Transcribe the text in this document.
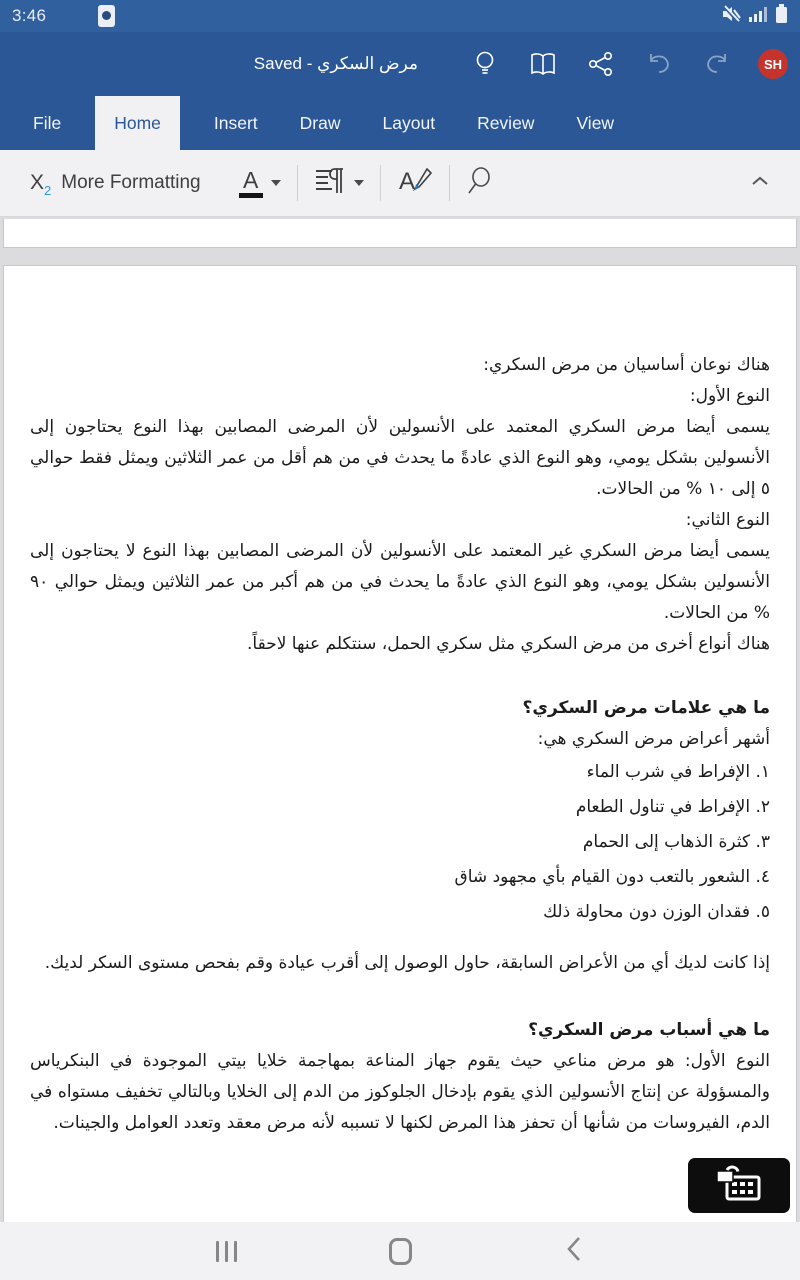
3:46
مرض السكري - Saved	SH
File	Home	Insert	Draw	Layout	Review	View
X 2 More Formatting A	A

هناك نوعان أساسيان من مرض السكري:

النوع الأول:

يسمى أيضا مرض السكري المعتمد على الأنسولين لأن المرضى المصابين بهذا النوع يحتاجون إلى الأنسولين بشكل يومي، وهو النوع الذي عادةً ما يحدث في من هم أقل من عمر الثلاثين ويمثل فقط حوالي ٥ إلى ١٠ % من الحالات.

النوع الثاني:

يسمى أيضا مرض السكري غير المعتمد على الأنسولين لأن المرضى المصابين بهذا النوع لا يحتاجون إلى الأنسولين بشكل يومي، وهو النوع الذي عادةً ما يحدث في من هم أكبر من عمر الثلاثين ويمثل حوالي ٩٠ % من الحالات.

هناك أنواع أخرى من مرض السكري مثل سكري الحمل، سنتكلم عنها لاحقاً.

ما هي علامات مرض السكري؟

أشهر أعراض مرض السكري هي:

١. الإفراط في شرب الماء

٢. الإفراط في تناول الطعام

٣. كثرة الذهاب إلى الحمام

٤. الشعور بالتعب دون القيام بأي مجهود شاق

٥. فقدان الوزن دون محاولة ذلك

إذا كانت لديك أي من الأعراض السابقة، حاول الوصول إلى أقرب عيادة وقم بفحص مستوى السكر لديك.

ما هي أسباب مرض السكري؟

النوع الأول: هو مرض مناعي حيث يقوم جهاز المناعة بمهاجمة خلايا بيتي الموجودة في البنكرياس والمسؤولة عن إنتاج الأنسولين الذي يقوم بإدخال الجلوكوز من الدم إلى الخلايا وبالتالي تخفيف مستواه في الدم، الفيروسات من شأنها أن تحفز هذا المرض لكنها لا تسببه لأنه مرض معقد وتعدد العوامل والجينات.
